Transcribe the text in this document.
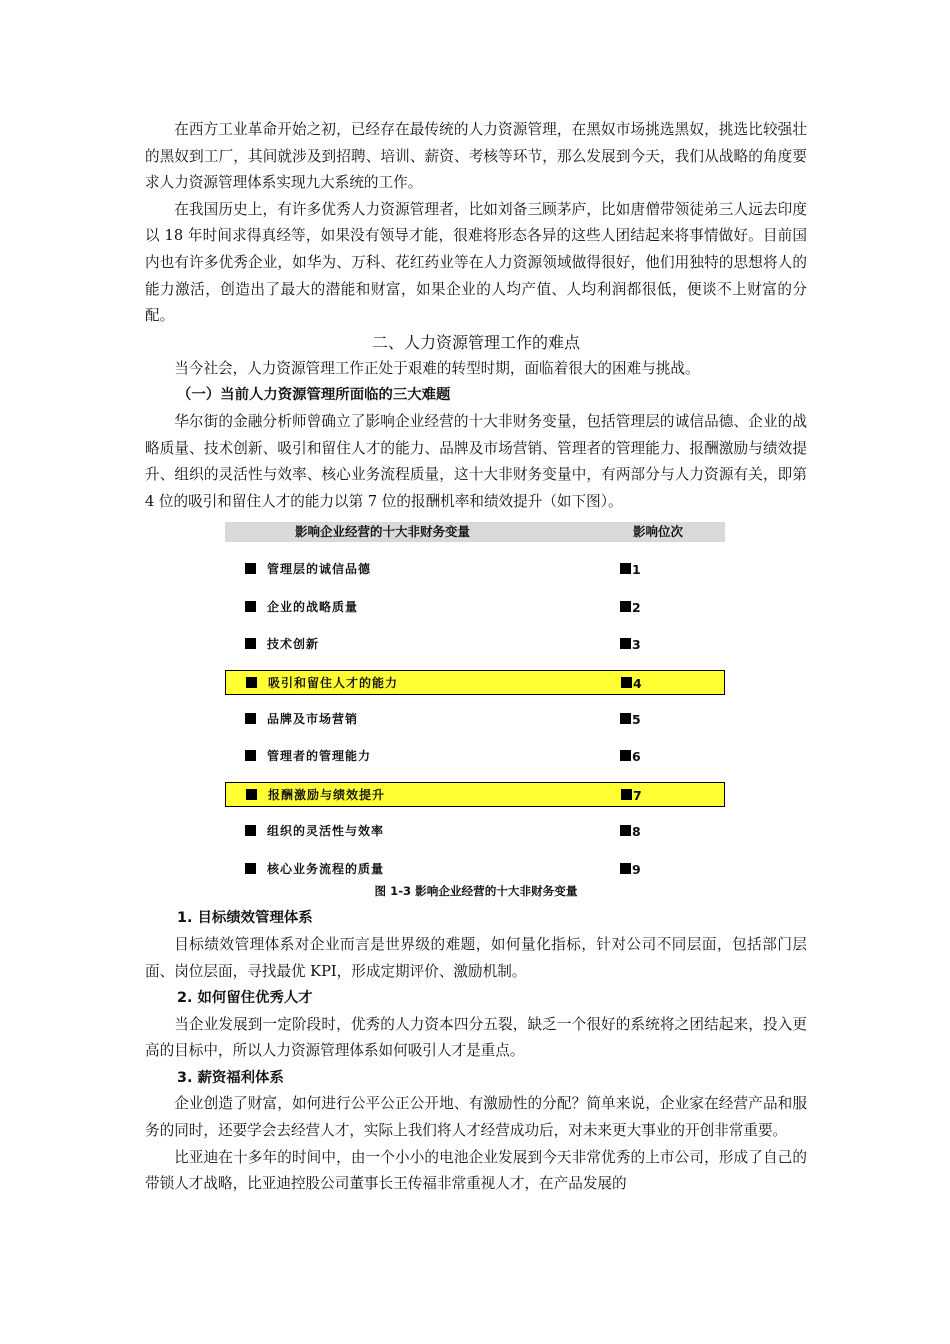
在西方工业革命开始之初，已经存在最传统的人力资源管理，在黑奴市场挑选黑奴，挑选比较强壮的黑奴到工厂，其间就涉及到招聘、培训、薪资、考核等环节，那么发展到今天，我们从战略的角度要求人力资源管理体系实现九大系统的工作。

在我国历史上，有许多优秀人力资源管理者，比如刘备三顾茅庐，比如唐僧带领徒弟三人远去印度以 18 年时间求得真经等，如果没有领导才能，很难将形态各异的这些人团结起来将事情做好。目前国内也有许多优秀企业，如华为、万科、花红药业等在人力资源领域做得很好，他们用独特的思想将人的能力激活，创造出了最大的潜能和财富，如果企业的人均产值、人均利润都很低，便谈不上财富的分配。

二、人力资源管理工作的难点

当今社会，人力资源管理工作正处于艰难的转型时期，面临着很大的困难与挑战。

（一）当前人力资源管理所面临的三大难题

华尔街的金融分析师曾确立了影响企业经营的十大非财务变量，包括管理层的诚信品德、企业的战略质量、技术创新、吸引和留住人才的能力、品牌及市场营销、管理者的管理能力、报酬激励与绩效提升、组织的灵活性与效率、核心业务流程质量，这十大非财务变量中，有两部分与人力资源有关，即第 4 位的吸引和留住人才的能力以第 7 位的报酬机率和绩效提升（如下图）。

影响企业经营的十大非财务变量	影响位次
管理层的诚信品德	1
企业的战略质量	2
技术创新	3
吸引和留住人才的能力	4
品牌及市场营销	5
管理者的管理能力	6
报酬激励与绩效提升	7
组织的灵活性与效率	8
核心业务流程的质量	9
图 1-3 影响企业经营的十大非财务变量
1. 目标绩效管理体系

目标绩效管理体系对企业而言是世界级的难题，如何量化指标，针对公司不同层面，包括部门层面、岗位层面，寻找最优 KPI，形成定期评价、激励机制。

2. 如何留住优秀人才

当企业发展到一定阶段时，优秀的人力资本四分五裂，缺乏一个很好的系统将之团结起来，投入更高的目标中，所以人力资源管理体系如何吸引人才是重点。

3. 薪资福利体系

企业创造了财富，如何进行公平公正公开地、有激励性的分配？简单来说，企业家在经营产品和服务的同时，还要学会去经营人才，实际上我们将人才经营成功后，对未来更大事业的开创非常重要。

比亚迪在十多年的时间中，由一个小小的电池企业发展到今天非常优秀的上市公司，形成了自己的带锁人才战略，比亚迪控股公司董事长王传福非常重视人才，在产品发展的
